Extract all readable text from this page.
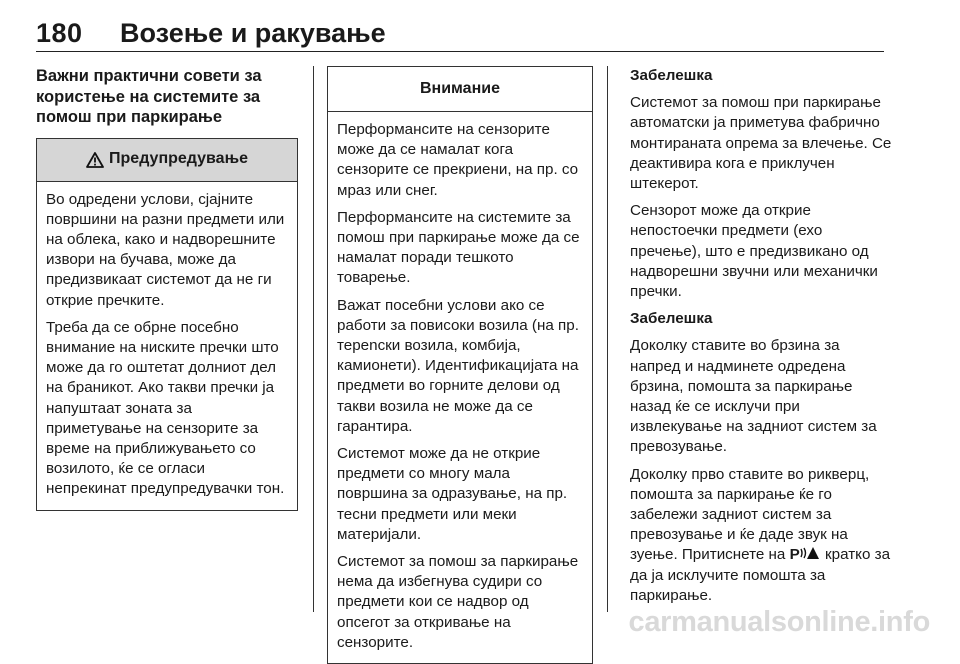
180 Возење и ракување
Важни практични совети за користење на системите за помош при паркирање
Предупредување

Во одредени услови, сјајните површини на разни предмети или на облека, како и надворешните извори на бучава, може да предизвикаат системот да не ги открие пречките.

Треба да се обрне посебно внимание на ниските пречки што може да го оштетат долниот дел на браникот. Ако такви пречки ја напуштаат зоната за приметување на сензорите за време на приближувањето со возилото, ќе се огласи непрекинат предупредувачки тон.

Внимание

Перформансите на сензорите може да се намалат кога сензорите се прекриени, на пр. со мраз или снег.

Перформансите на системите за помош при паркирање може да се намалат поради тешкото товарење.

Важат посебни услови ако се работи за повисоки возила (на пр. терenски возила, комбија, камионети). Идентификацијата на предмети во горните делови од такви возила не може да се гарантира.

Системот може да не открие предмети со многу мала површина за одразување, на пр. тесни предмети или меки материјали.

Системот за помош за паркирање нема да избегнува судири со предмети кои се надвор од опсегот за откривање на сензорите.

Забелешка

Системот за помош при паркирање автоматски ја приметува фабрично монтираната опрема за влечење. Се деактивира кога е приклучен штекерот.

Сензорот може да открие непостоечки предмети (ехо пречење), што е предизвикано од надворешни звучни или механички пречки.

Забелешка

Доколку ставите во брзина за напред и надминете одредена брзина, помошта за паркирање назад ќе се исклучи при извлекување на задниот систем за превозување.

Доколку прво ставите во рикверц, помошта за паркирање ќе го забележи задниот систем за превозување и ќе даде звук на зуење. Притиснете на P кратко за да ја исклучите помошта за паркирање.

carmanualsonline.info
